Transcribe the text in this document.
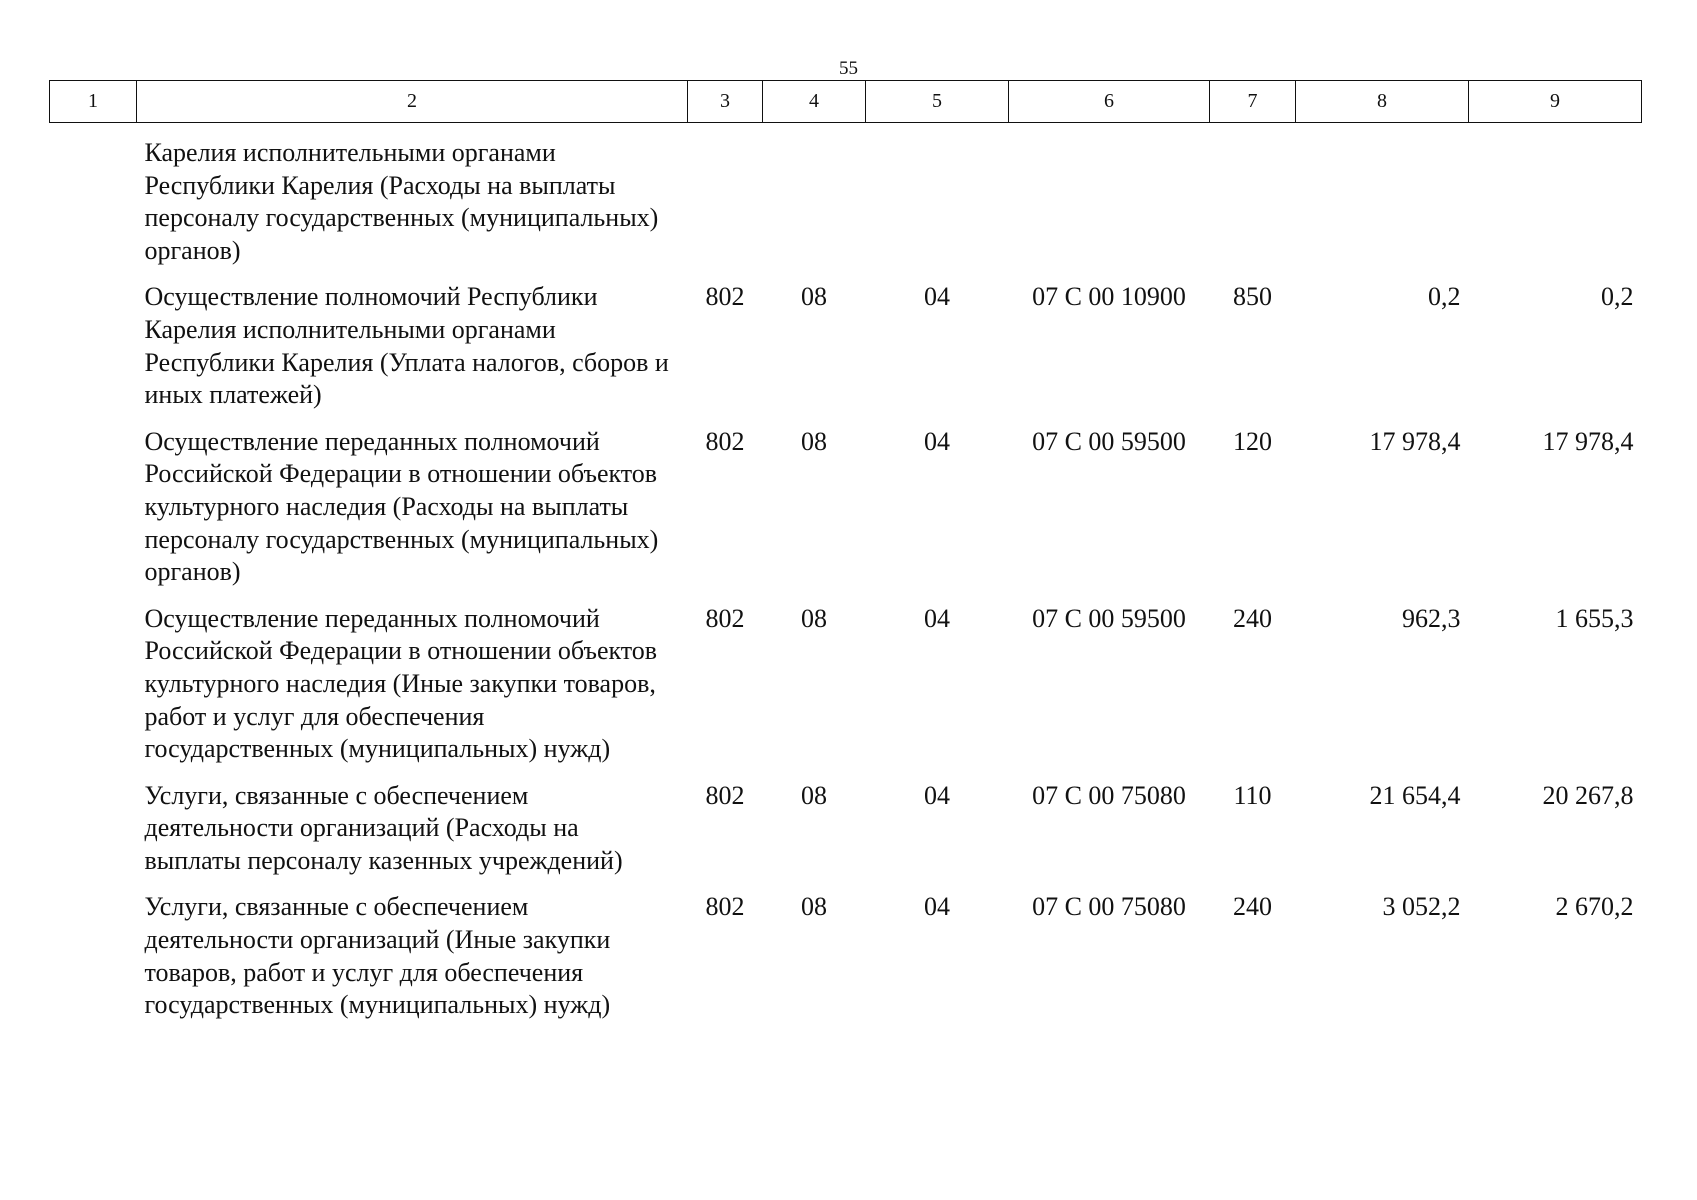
55
1	2	3	4	5	6	7	8	9
	Карелия исполнительными органами Республики Карелия (Расходы на выплаты персоналу государственных (муниципальных) органов)							
	Осуществление полномочий Республики Карелия исполнительными органами Республики Карелия (Уплата налогов, сборов и иных платежей)	802	08	04	07 С 00 10900	850	0,2	0,2
	Осуществление переданных полномочий Российской Федерации в отношении объектов культурного наследия (Расходы на выплаты персоналу государственных (муниципальных) органов)	802	08	04	07 С 00 59500	120	17 978,4	17 978,4
	Осуществление переданных полномочий Российской Федерации в отношении объектов культурного наследия (Иные закупки товаров, работ и услуг для обеспечения государственных (муниципальных) нужд)	802	08	04	07 С 00 59500	240	962,3	1 655,3
	Услуги, связанные с обеспечением деятельности организаций (Расходы на выплаты персоналу казенных учреждений)	802	08	04	07 С 00 75080	110	21 654,4	20 267,8
	Услуги, связанные с обеспечением деятельности организаций (Иные закупки товаров, работ и услуг для обеспечения государственных (муниципальных) нужд)	802	08	04	07 С 00 75080	240	3 052,2	2 670,2
